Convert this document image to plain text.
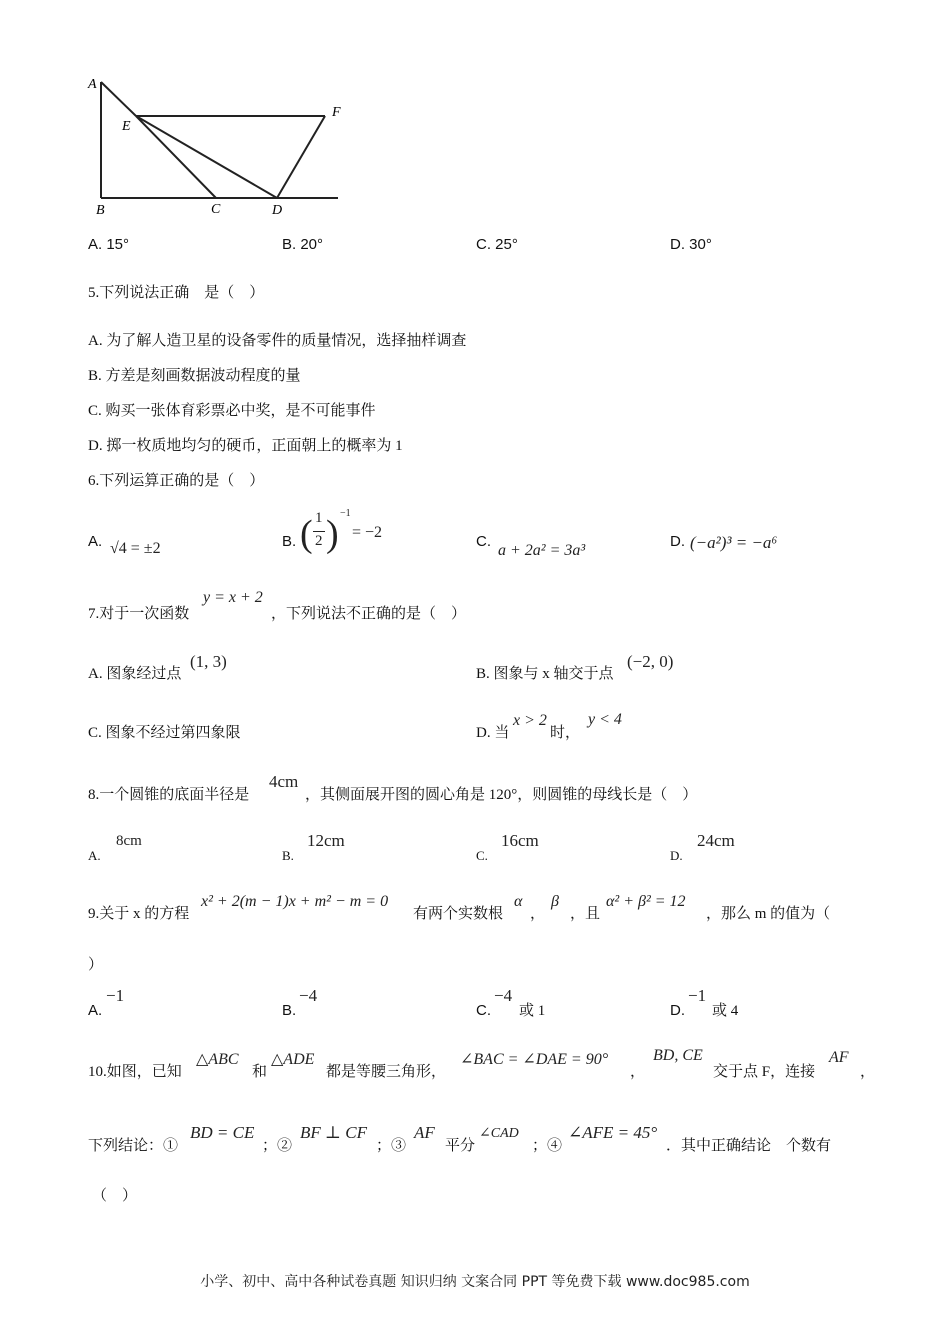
A
E
F
B	C	D
A. 15°	B. 20°	C. 25°	D. 30°
5.下列说法正确　是（　）
A. 为了解人造卫星的设备零件的质量情况，选择抽样调查
B. 方差是刻画数据波动程度的量
C. 购买一张体育彩票必中奖，是不可能事件
D. 掷一枚质地均匀的硬币，正面朝上的概率为 1
6.下列运算正确的是（　）
A. √4 = ±2	B. ( 1
2 ) −1
= −2
C.
a + 2a² = 3a³
D. (−a²)³ = −a⁶
7.对于一次函数
y = x + 2
，下列说法不正确的是（　）
A. 图象经过点
(1, 3)
B. 图象与 x 轴交于点
(−2, 0)
C. 图象不经过第四象限	D. 当
x > 2
时，
y < 4
8.一个圆锥的底面半径是
4cm
，其侧面展开图的圆心角是 120°，则圆锥的母线长是（　）
A.
8cm
B.
12cm
C.
16cm
D.
24cm
9.关于 x 的方程
x² + 2(m − 1)x + m² − m = 0
有两个实数根
α
，
β
，且
α² + β² = 12
，那么 m 的值为（
）
A.
−1
B.
−4
C.
−4
或 1	D.
−1
或 4
10.如图，已知
△ABC
和
△ADE
都是等腰三角形，
∠BAC = ∠DAE = 90°
，
BD, CE
交于点 F，连接
AF
，
下列结论：①
BD = CE
；②
BF ⊥ CF
；③
AF
平分
∠CAD
；④
∠AFE = 45°
．其中正确结论　个数有
（　）
小学、初中、高中各种试卷真题 知识归纳 文案合同 PPT 等免费下载 www.doc985.com
